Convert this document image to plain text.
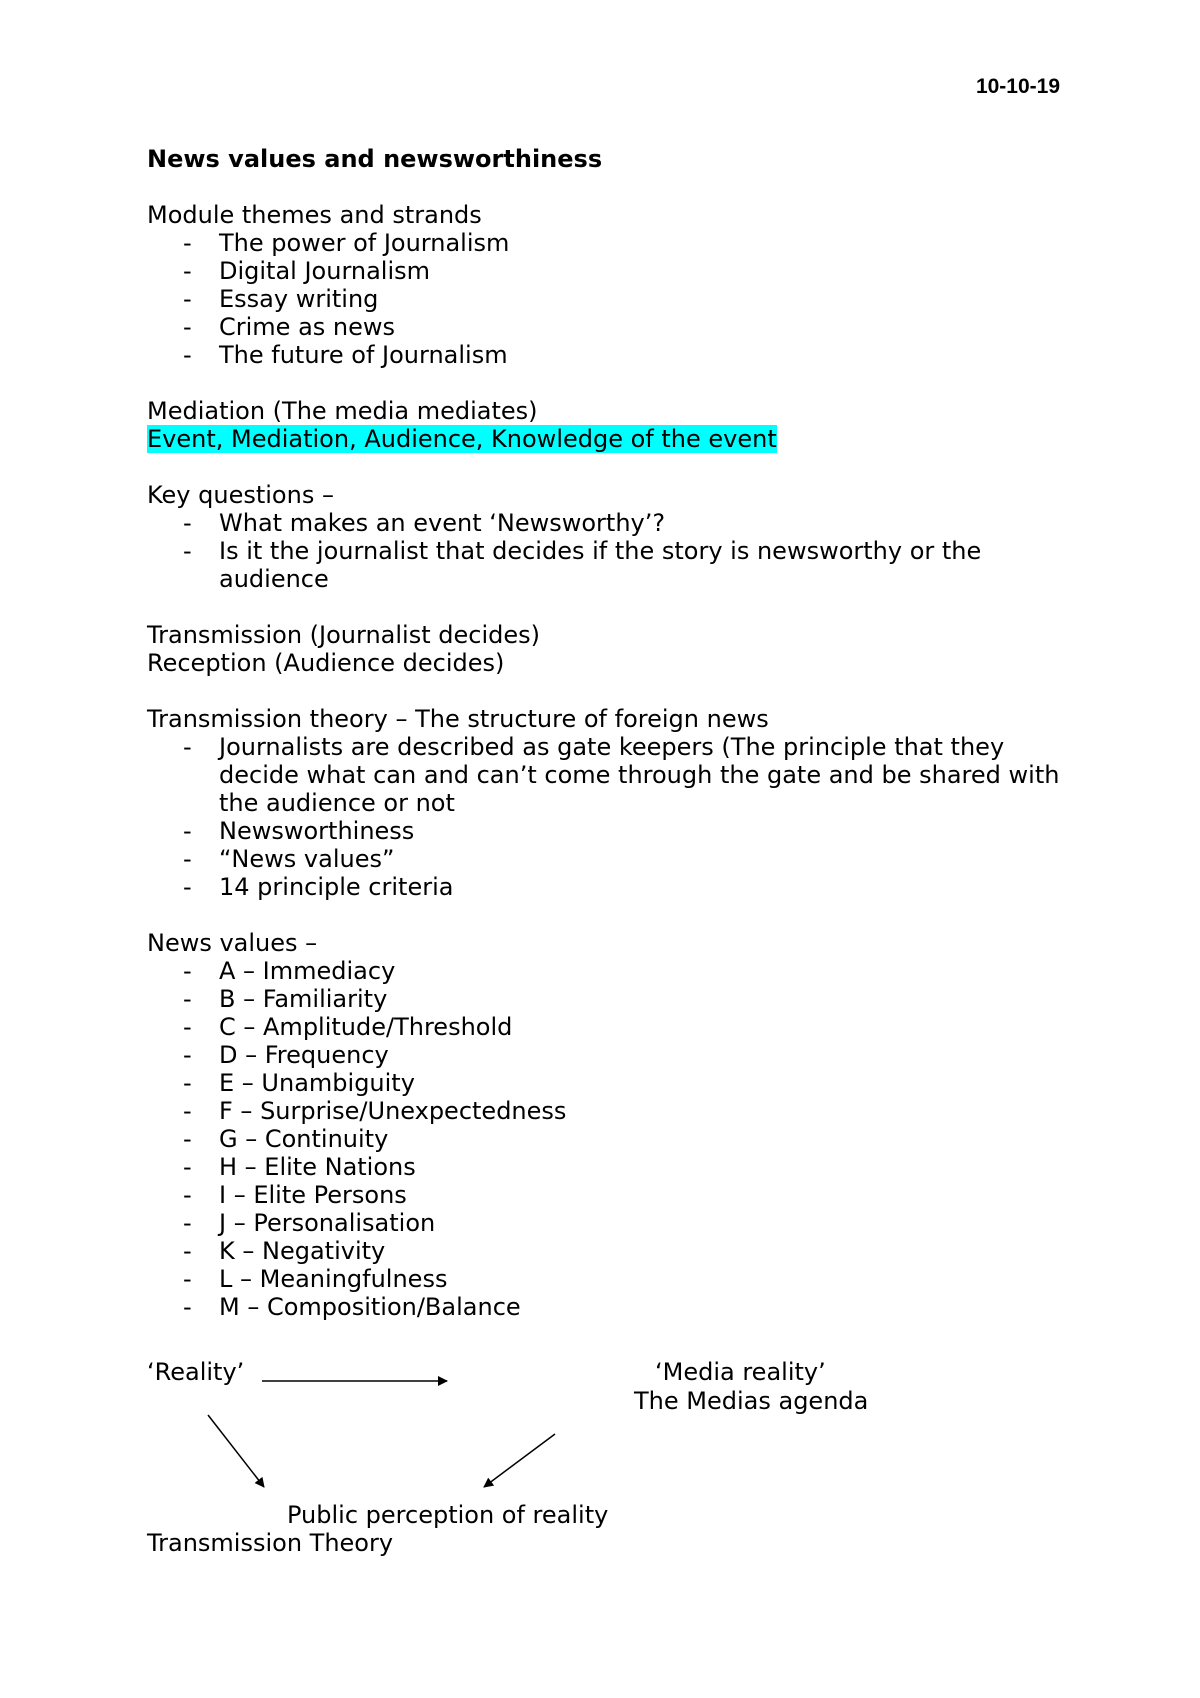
10-10-19

News values and newsworthiness

Module themes and strands

- The power of Journalism
- Digital Journalism
- Essay writing
- Crime as news
- The future of Journalism

Mediation (The media mediates)

Event, Mediation, Audience, Knowledge of the event

Key questions –

- What makes an event ‘Newsworthy’?
- Is it the journalist that decides if the story is newsworthy or the audience

Transmission (Journalist decides)

Reception (Audience decides)

Transmission theory – The structure of foreign news

- Journalists are described as gate keepers (The principle that they decide what can and can’t come through the gate and be shared with the audience or not
- Newsworthiness
- “News values”
- 14 principle criteria

News values –

- A – Immediacy
- B – Familiarity
- C – Amplitude/Threshold
- D – Frequency
- E – Unambiguity
- F – Surprise/Unexpectedness
- G – Continuity
- H – Elite Nations
- I – Elite Persons
- J – Personalisation
- K – Negativity
- L – Meaningfulness
- M – Composition/Balance
‘Reality’	‘Media reality’
The Medias agenda
Public perception of reality
Transmission Theory
